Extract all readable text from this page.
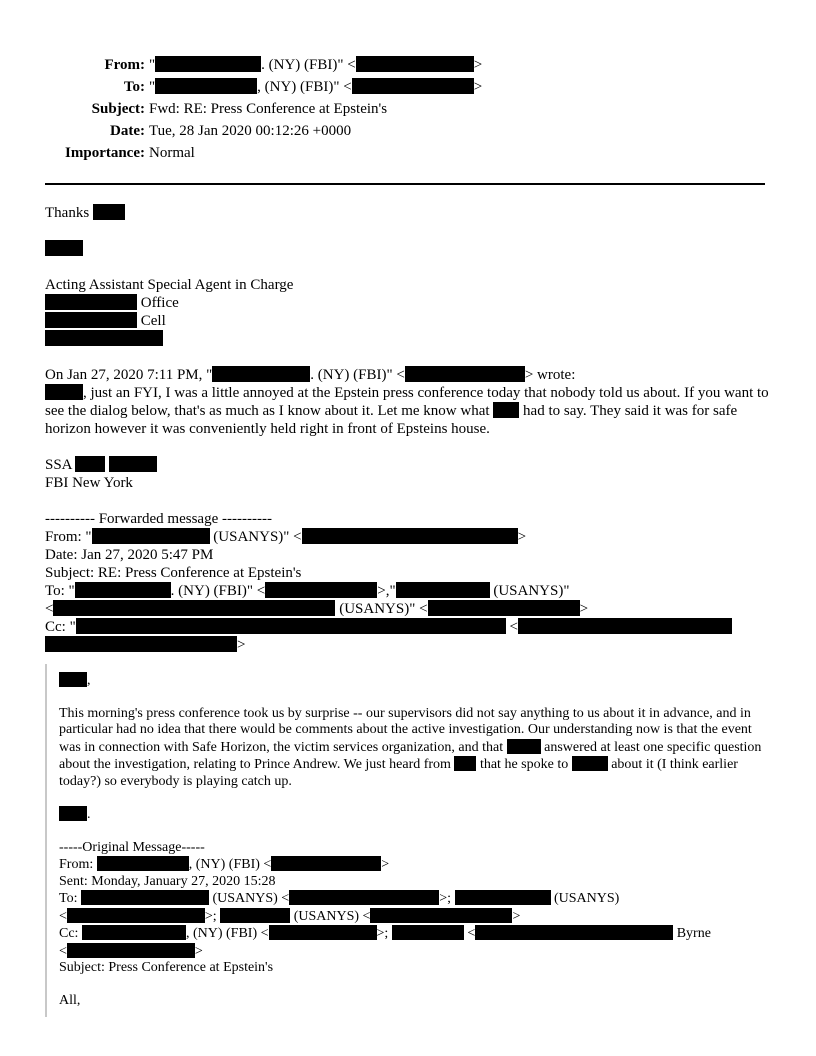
From: "	. (NY) (FBI)" <	>
To: "	, (NY) (FBI)" <	>
Subject: Fwd: RE: Press Conference at Epstein's
Date: Tue, 28 Jan 2020 00:12:26 +0000
Importance: Normal

Thanks

Acting Assistant Special Agent in Charge

Office

Cell

On Jan 27, 2020 7:11 PM, "	. (NY) (FBI)" <	> wrote:

, just an FYI, I was a little annoyed at the Epstein press conference today that nobody told us about. If you want to see the dialog below, that's as much as I know about it. Let me know what had to say. They said it was for safe horizon however it was conveniently held right in front of Epsteins house.

SSA

FBI New York

---------- Forwarded message ----------

From: "	(USANYS)" <	>

Date: Jan 27, 2020 5:47 PM

Subject: RE: Press Conference at Epstein's

To: "	. (NY) (FBI)" <	>,"	(USANYS)"

<	(USANYS)" <	>

Cc: "	<
>

,

This morning's press conference took us by surprise -- our supervisors did not say anything to us about it in advance, and in particular had no idea that there would be comments about the active investigation. Our understanding now is that the event was in connection with Safe Horizon, the victim services organization, and that	answered at least one specific question about the investigation, relating to Prince Andrew. We just heard from that he spoke to	about it (I think earlier today?) so everybody is playing catch up.

.

-----Original Message-----

From:	, (NY) (FBI) <	>

Sent: Monday, January 27, 2020 15:28

To:	(USANYS) <	>;	(USANYS)

<	>;	(USANYS) <	>

Cc:	, (NY) (FBI) <	>;	<	Byrne

<	>

Subject: Press Conference at Epstein's

All,
